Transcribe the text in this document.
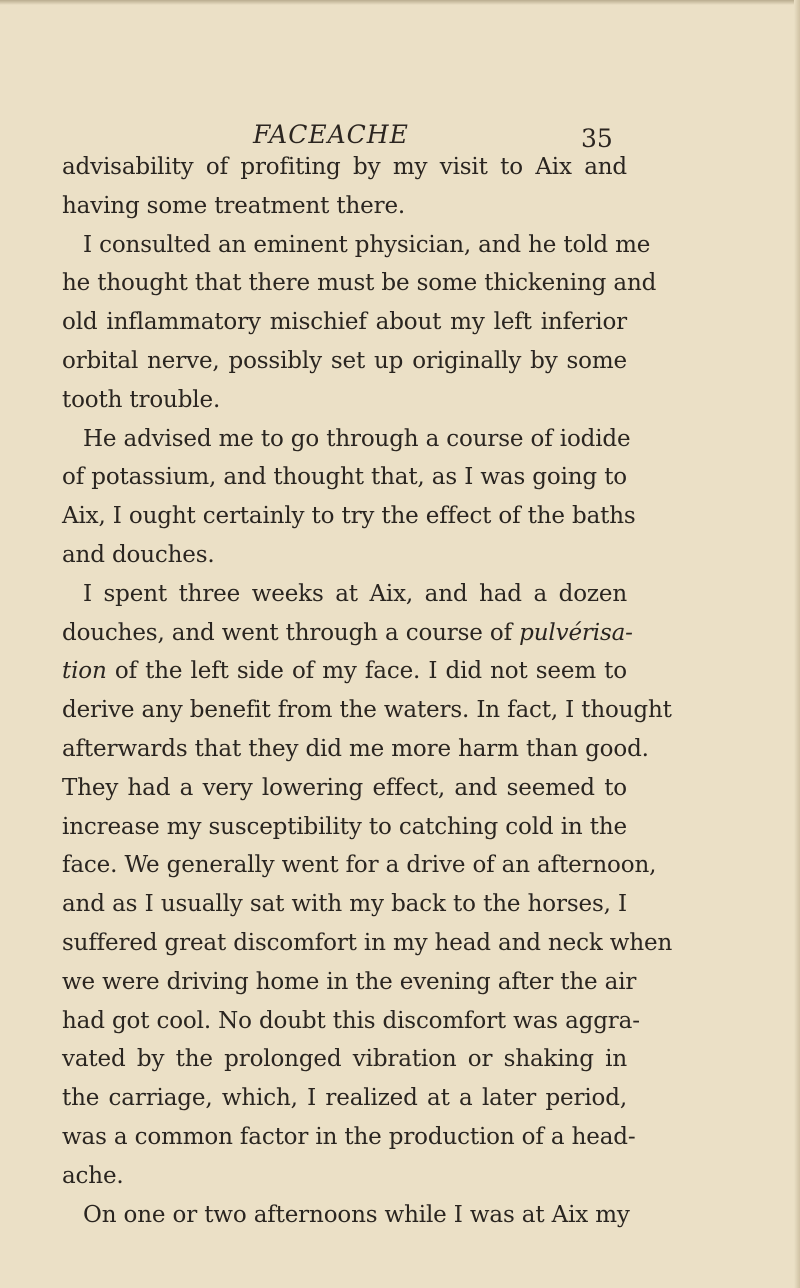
FACEACHE	35
advisability of profiting by my visit to Aix and
having some treatment there.
I consulted an eminent physician, and he told me
he thought that there must be some thickening and
old inflammatory mischief about my left inferior
orbital nerve, possibly set up originally by some
tooth trouble.
He advised me to go through a course of iodide
of potassium, and thought that, as I was going to
Aix, I ought certainly to try the effect of the baths
and douches.
I spent three weeks at Aix, and had a dozen
douches, and went through a course of pulvérisa-
tion of the left side of my face. I did not seem to
derive any benefit from the waters. In fact, I thought
afterwards that they did me more harm than good.
They had a very lowering effect, and seemed to
increase my susceptibility to catching cold in the
face. We generally went for a drive of an afternoon,
and as I usually sat with my back to the horses, I
suffered great discomfort in my head and neck when
we were driving home in the evening after the air
had got cool. No doubt this discomfort was aggra-
vated by the prolonged vibration or shaking in
the carriage, which, I realized at a later period,
was a common factor in the production of a head-
ache.
On one or two afternoons while I was at Aix my
